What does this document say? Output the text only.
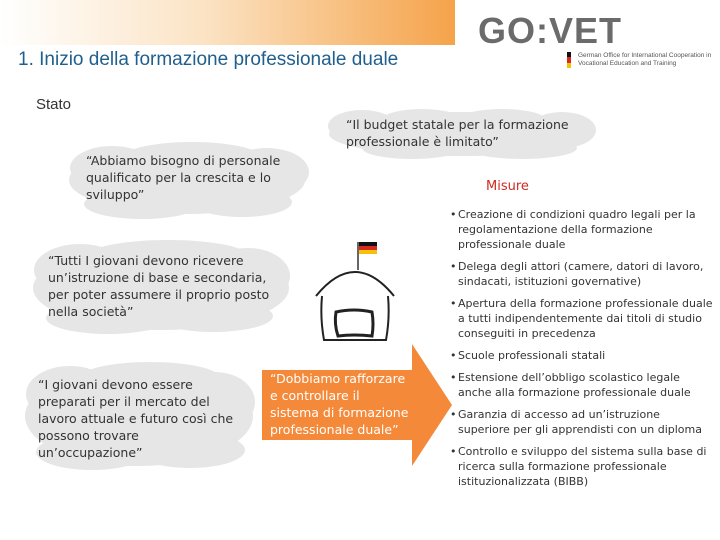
1. Inizio della formazione professionale duale

Stato

GO:VET
German Office for International Cooperation in Vocational Education and Training
“Il budget statale per la formazione professionale è limitato”
“Abbiamo bisogno di personale qualificato per la crescita e lo sviluppo”
“Tutti I giovani devono ricevere un’istruzione di base e secondaria, per poter assumere il proprio posto nella società”
“I giovani devono essere preparati per il mercato del lavoro attuale e futuro così che possono trovare un’occupazione”
“Dobbiamo rafforzare e controllare il sistema di formazione professionale duale”
Misure
• Creazione di condizioni quadro legali per la regolamentazione della formazione professionale duale
• Delega degli attori (camere, datori di lavoro, sindacati, istituzioni governative)
• Apertura della formazione professionale duale a tutti indipendentemente dai titoli di studio conseguiti in precedenza
• Scuole professionali statali
• Estensione dell’obbligo scolastico legale anche alla formazione professionale duale
• Garanzia di accesso ad un’istruzione superiore per gli apprendisti con un diploma
• Controllo e sviluppo del sistema sulla base di ricerca sulla formazione professionale istituzionalizzata (BIBB)
